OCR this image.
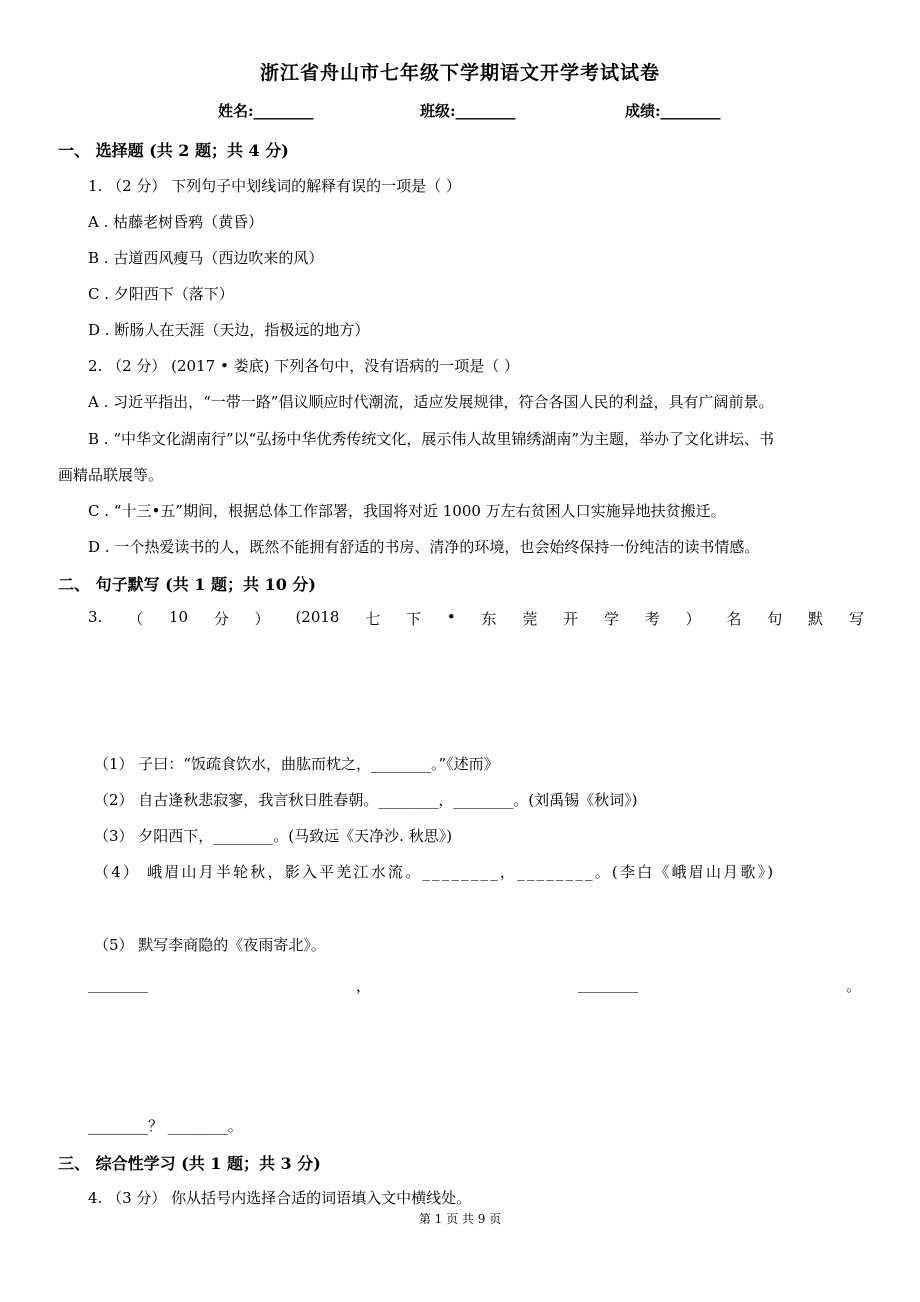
浙江省舟山市七年级下学期语文开学考试试卷
姓名:________	班级:________	成绩:________
一、 选择题 (共 2 题；共 4 分)
1. （2 分） 下列句子中划线词的解释有误的一项是（ ）
A . 枯藤老树昏鸦（黄昏）
B . 古道西风瘦马（西边吹来的风）
C . 夕阳西下（落下）
D . 断肠人在天涯（天边，指极远的地方）
2. （2 分） (2017 • 娄底) 下列各句中，没有语病的一项是（ ）
A . 习近平指出，“一带一路”倡议顺应时代潮流，适应发展规律，符合各国人民的利益，具有广阔前景。
B . “中华文化湖南行”以“弘扬中华优秀传统文化，展示伟人故里锦绣湖南”为主题，举办了文化讲坛、书
画精品联展等。
C . “十三•五”期间，根据总体工作部署，我国将对近 1000 万左右贫困人口实施异地扶贫搬迁。
D . 一个热爱读书的人，既然不能拥有舒适的书房、清净的环境，也会始终保持一份纯洁的读书情感。
二、 句子默写 (共 1 题；共 10 分)
3. （ 10 分 ） (2018 七 下 • 东 莞 开 学 考 ） 名 句 默 写
（1） 子曰：“饭疏食饮水，曲肱而枕之，________。”《述而》
（2） 自古逢秋悲寂寥，我言秋日胜春朝。________，________。(刘禹锡《秋词》)
（3） 夕阳西下，________。(马致远《天净沙. 秋思》)
（4） 峨眉山月半轮秋，影入平羌江水流。________，________。(李白《峨眉山月歌》)
（5） 默写李商隐的《夜雨寄北》。
________	，	________	。
________？ ________。
三、 综合性学习 (共 1 题；共 3 分)
4. （3 分） 你从括号内选择合适的词语填入文中横线处。
第 1 页 共 9 页
